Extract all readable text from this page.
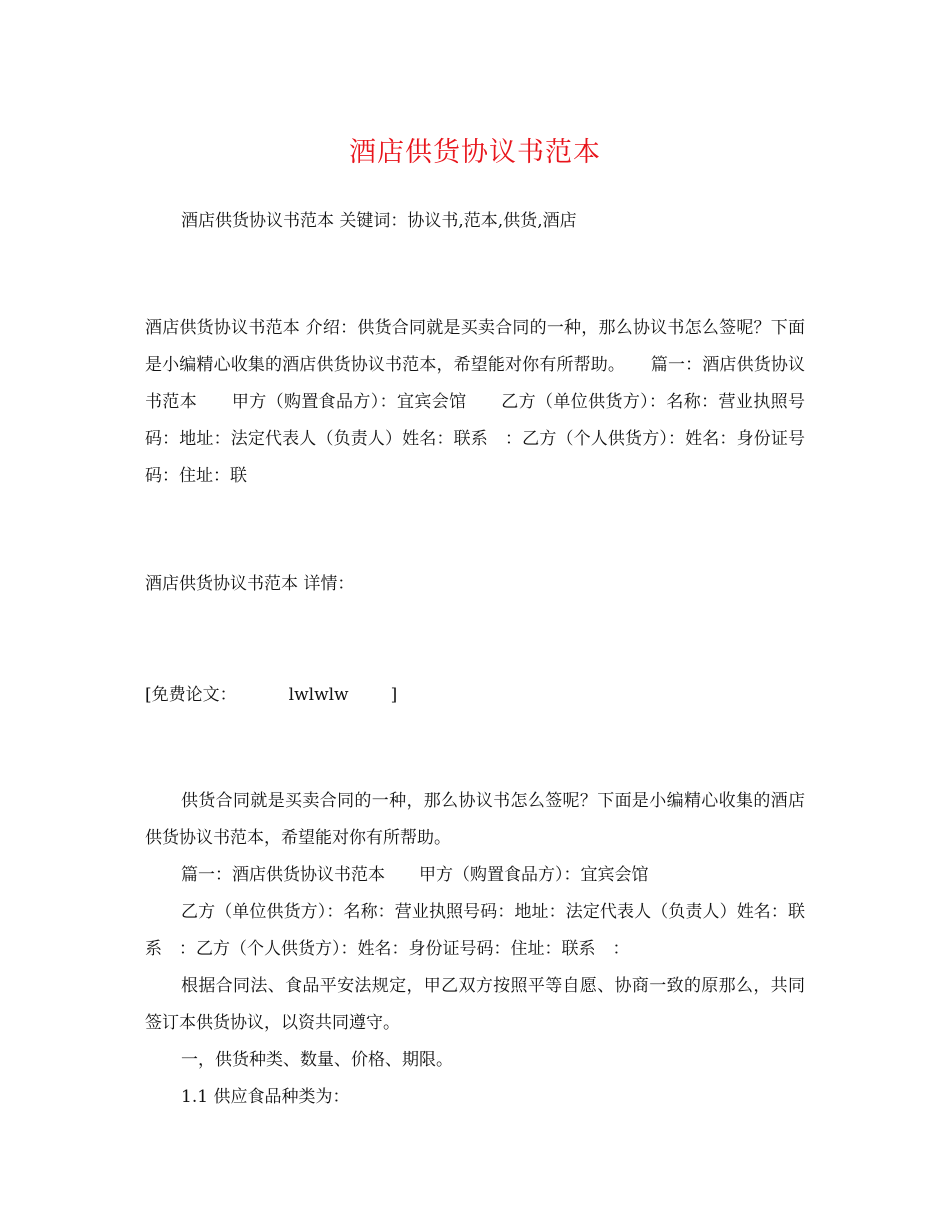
酒店供货协议书范本

酒店供货协议书范本 关键词：协议书,范本,供货,酒店

酒店供货协议书范本 介绍：供货合同就是买卖合同的一种，那么协议书怎么签呢？下面是小编精心收集的酒店供货协议书范本，希望能对你有所帮助。　　篇一：酒店供货协议书范本　　甲方（购置食品方）：宜宾会馆　　乙方（单位供货方）：名称：营业执照号码：地址：法定代表人（负责人）姓名：联系　：乙方（个人供货方）：姓名：身份证号码：住址：联

酒店供货协议书范本 详情：

[免费论文：	lwlwlw ]

供货合同就是买卖合同的一种，那么协议书怎么签呢？下面是小编精心收集的酒店供货协议书范本，希望能对你有所帮助。

篇一：酒店供货协议书范本　　甲方（购置食品方）：宜宾会馆

乙方（单位供货方）：名称：营业执照号码：地址：法定代表人（负责人）姓名：联系　：乙方（个人供货方）：姓名：身份证号码：住址：联系　：

根据合同法、食品平安法规定，甲乙双方按照平等自愿、协商一致的原那么，共同签订本供货协议，以资共同遵守。

一，供货种类、数量、价格、期限。

1.1 供应食品种类为：
